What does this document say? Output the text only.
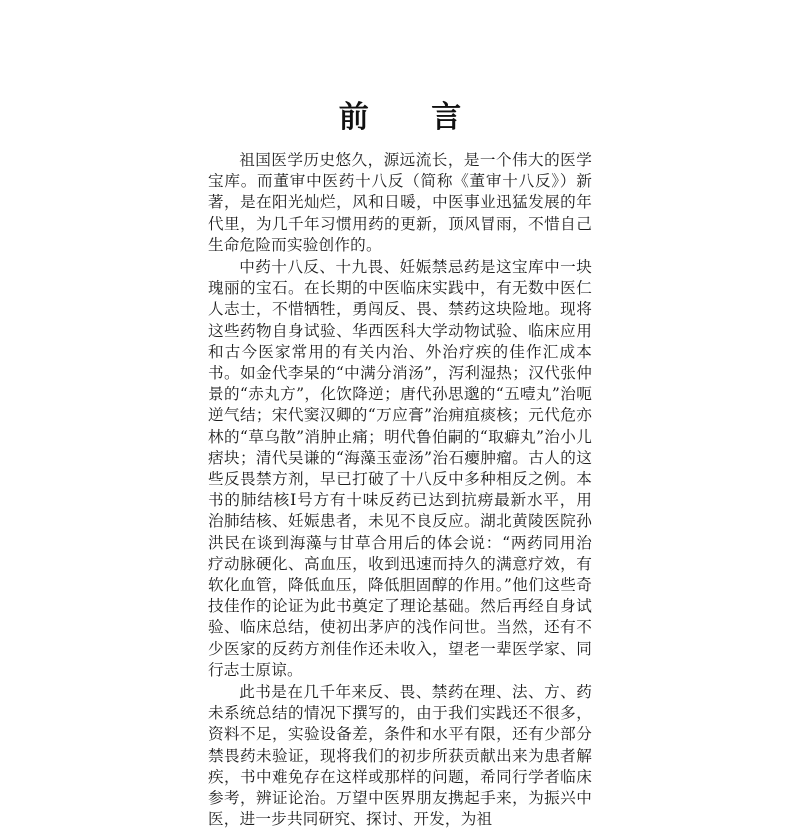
前 言

祖国医学历史悠久，源远流长，是一个伟大的医学宝库。而董审中医药十八反（简称《董审十八反》）新著，是在阳光灿烂，风和日暖，中医事业迅猛发展的年代里，为几千年习惯用药的更新，顶风冒雨，不惜自己生命危险而实验创作的。

中药十八反、十九畏、妊娠禁忌药是这宝库中一块瑰丽的宝石。在长期的中医临床实践中，有无数中医仁人志士，不惜牺牲，勇闯反、畏、禁药这块险地。现将这些药物自身试验、华西医科大学动物试验、临床应用和古今医家常用的有关内治、外治疗疾的佳作汇成本书。如金代李杲的“中满分消汤”，泻利湿热；汉代张仲景的“赤丸方”，化饮降逆；唐代孙思邈的“五噎丸”治呃逆气结；宋代窦汉卿的“万应膏”治痈疽痰核；元代危亦林的“草乌散”消肿止痛；明代鲁伯嗣的“取癖丸”治小儿痞块；清代吴谦的“海藻玉壶汤”治石瘿肿瘤。古人的这些反畏禁方剂，早已打破了十八反中多种相反之例。本书的肺结核Ⅰ号方有十味反药已达到抗痨最新水平，用治肺结核、妊娠患者，未见不良反应。湖北黄陵医院孙洪民在谈到海藻与甘草合用后的体会说：“两药同用治疗动脉硬化、高血压，收到迅速而持久的满意疗效，有软化血管，降低血压，降低胆固醇的作用。”他们这些奇技佳作的论证为此书奠定了理论基础。然后再经自身试验、临床总结，使初出茅庐的浅作问世。当然，还有不少医家的反药方剂佳作还未收入，望老一辈医学家、同行志士原谅。

此书是在几千年来反、畏、禁药在理、法、方、药未系统总结的情况下撰写的，由于我们实践还不很多，资料不足，实验设备差，条件和水平有限，还有少部分禁畏药未验证，现将我们的初步所获贡献出来为患者解疾，书中难免存在这样或那样的问题，希同行学者临床参考，辨证论治。万望中医界朋友携起手来，为振兴中医，进一步共同研究、探讨、开发，为祖
